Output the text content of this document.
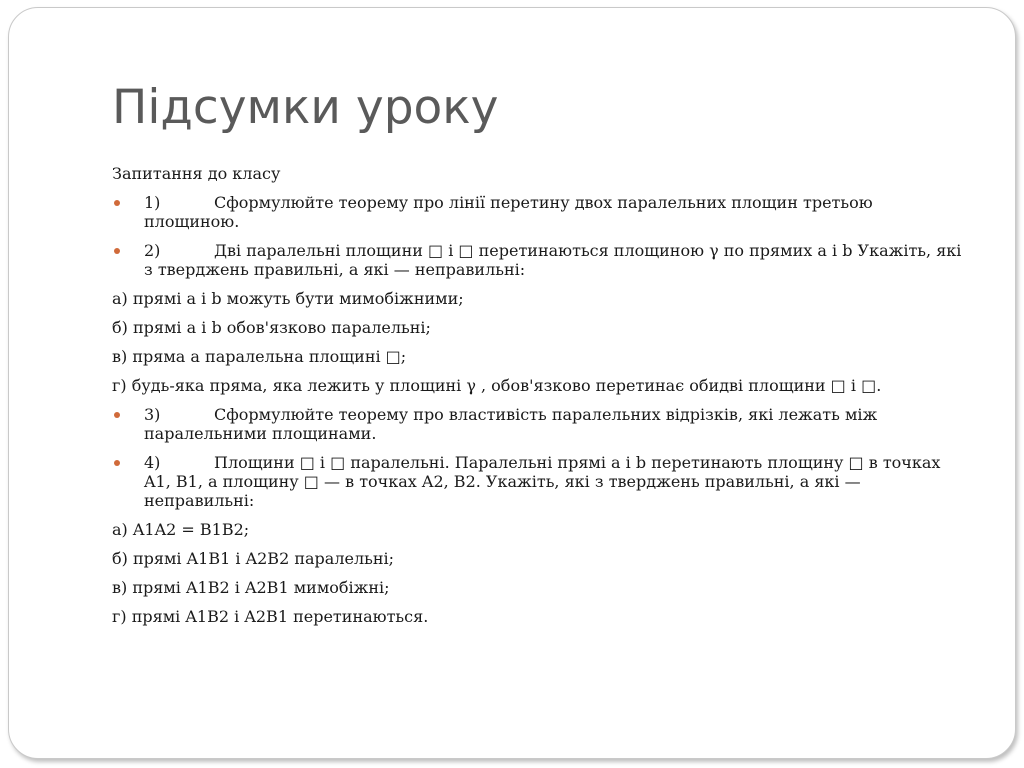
Підсумки уроку

Запитання до класу

1)	Сформулюйте теорему про лінії перетину двох паралельних площин третьою площиною.
2)	Дві паралельні площини □ і □ перетинаються площиною γ по прямих a і b Укажіть, які з тверджень правильні, а які — неправильні:

а) прямі a і b можуть бути мимобіжними;

б) прямі a і b обов'язково паралельні;

в) пряма a паралельна площині □;

г) будь-яка пряма, яка лежить у площині γ , обов'язково перетинає обидві площини □ і □.

3)	Сформулюйте теорему про властивість паралельних відрізків, які лежать між паралельними площинами.
4)	Площини □ і □ паралельні. Паралельні прямі a і b перетинають площину □ в точках A1, B1, а площину □ — в точках A2, B2. Укажіть, які з тверджень правильні, а які — неправильні:

а) A1A2 = B1B2;

б) прямі A1B1 і A2B2 паралельні;

в) прямі A1B2 і A2B1 мимобіжні;

г) прямі A1B2 і A2B1 перетинаються.
